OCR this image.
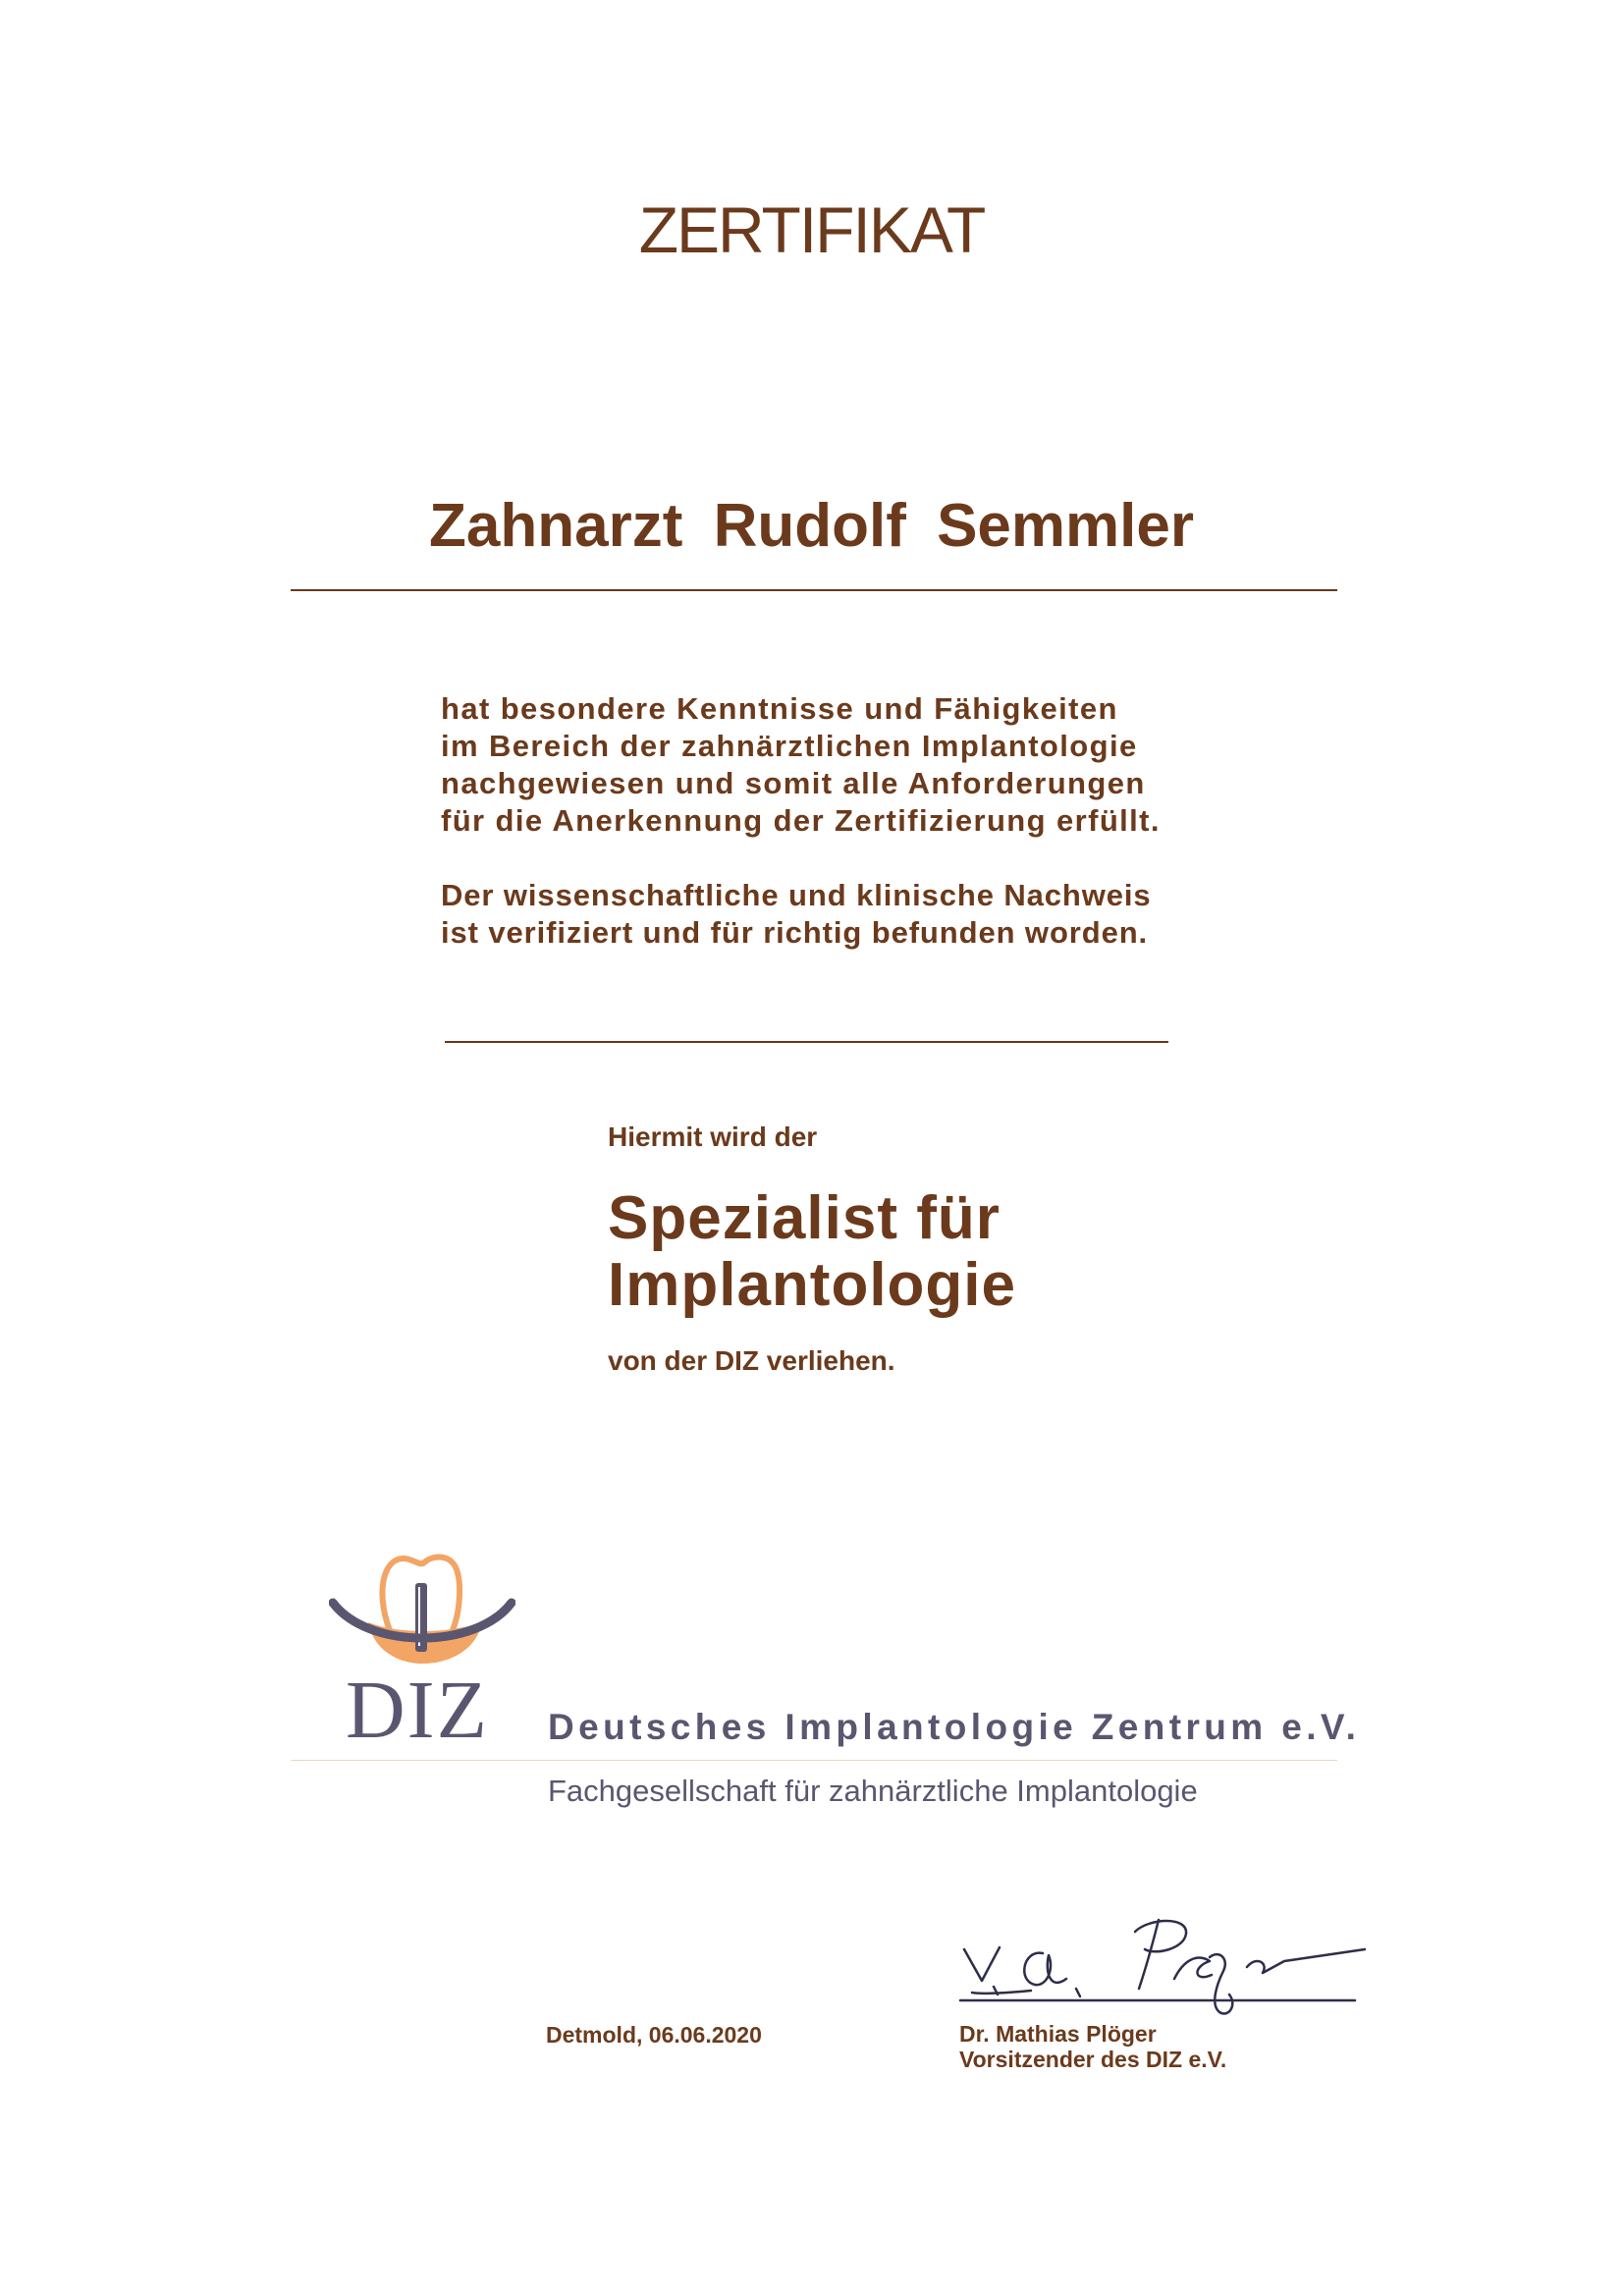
ZERTIFIKAT
Zahnarzt Rudolf Semmler
hat besondere Kenntnisse und Fähigkeiten
im Bereich der zahnärztlichen Implantologie
nachgewiesen und somit alle Anforderungen
für die Anerkennung der Zertifizierung erfüllt.
Der wissenschaftliche und klinische Nachweis
ist verifiziert und für richtig befunden worden.
Hiermit wird der
Spezialist für
Implantologie
von der DIZ verliehen.
DIZ Deutsches Implantologie Zentrum e.V.
Fachgesellschaft für zahnärztliche Implantologie
Detmold, 06.06.2020	Dr. Mathias Plöger
Vorsitzender des DIZ e.V.
